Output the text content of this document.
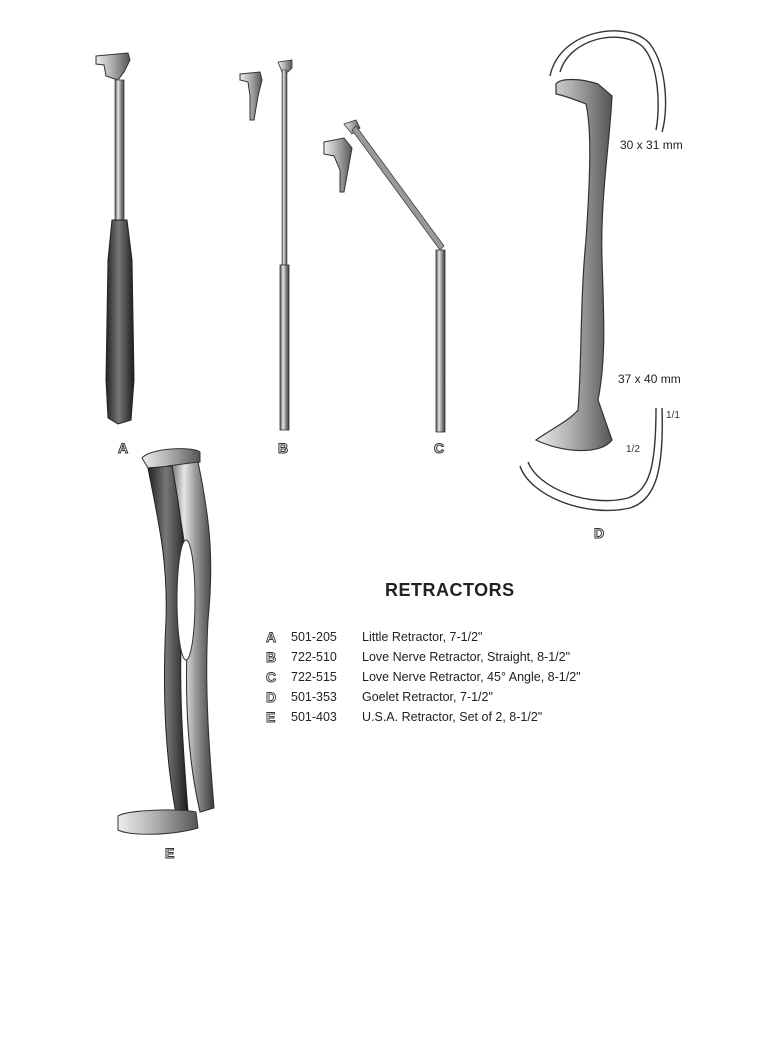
A	B	C
D
E
30 x 31 mm
37 x 40 mm
1/1
1/2
RETRACTORS
A	501-205	Little Retractor, 7-1/2"
B	722-510	Love Nerve Retractor, Straight, 8-1/2"
C	722-515	Love Nerve Retractor, 45° Angle, 8-1/2"
D	501-353	Goelet Retractor, 7-1/2"
E	501-403	U.S.A. Retractor, Set of 2, 8-1/2"
